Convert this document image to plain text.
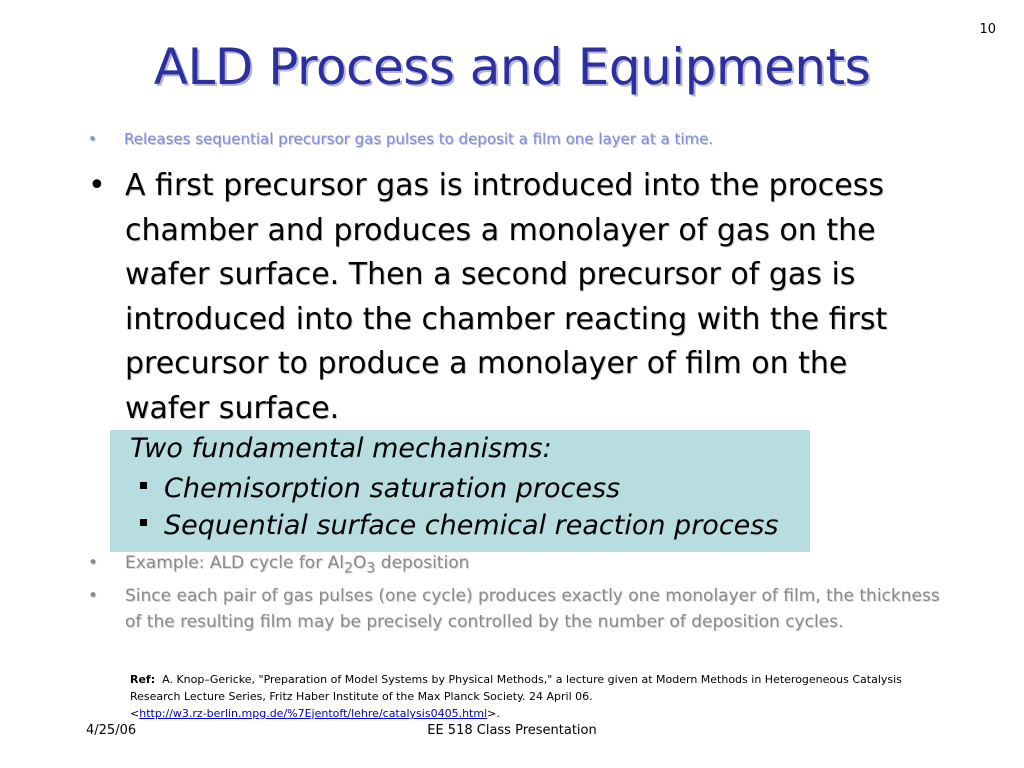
10
ALD Process and Equipments
• Releases sequential precursor gas pulses to deposit a film one layer at a time.
• A first precursor gas is introduced into the process chamber and produces a monolayer of gas on the wafer surface. Then a second precursor of gas is introduced into the chamber reacting with the first precursor to produce a monolayer of film on the wafer surface.
Two fundamental mechanisms:
Chemisorption saturation process
Sequential surface chemical reaction process
• Example: ALD cycle for $Al_2O_3$ deposition
• Since each pair of gas pulses (one cycle) produces exactly one monolayer of film, the thickness of the resulting film may be precisely controlled by the number of deposition cycles.
Ref: A. Knop–Gericke, "Preparation of Model Systems by Physical Methods," a lecture given at Modern Methods in Heterogeneous Catalysis Research Lecture Series, Fritz Haber Institute of the Max Planck Society. 24 April 06.
<http://w3.rz-berlin.mpg.de/%7Ejentoft/lehre/catalysis0405.html>.
4/25/06	EE 518 Class Presentation
